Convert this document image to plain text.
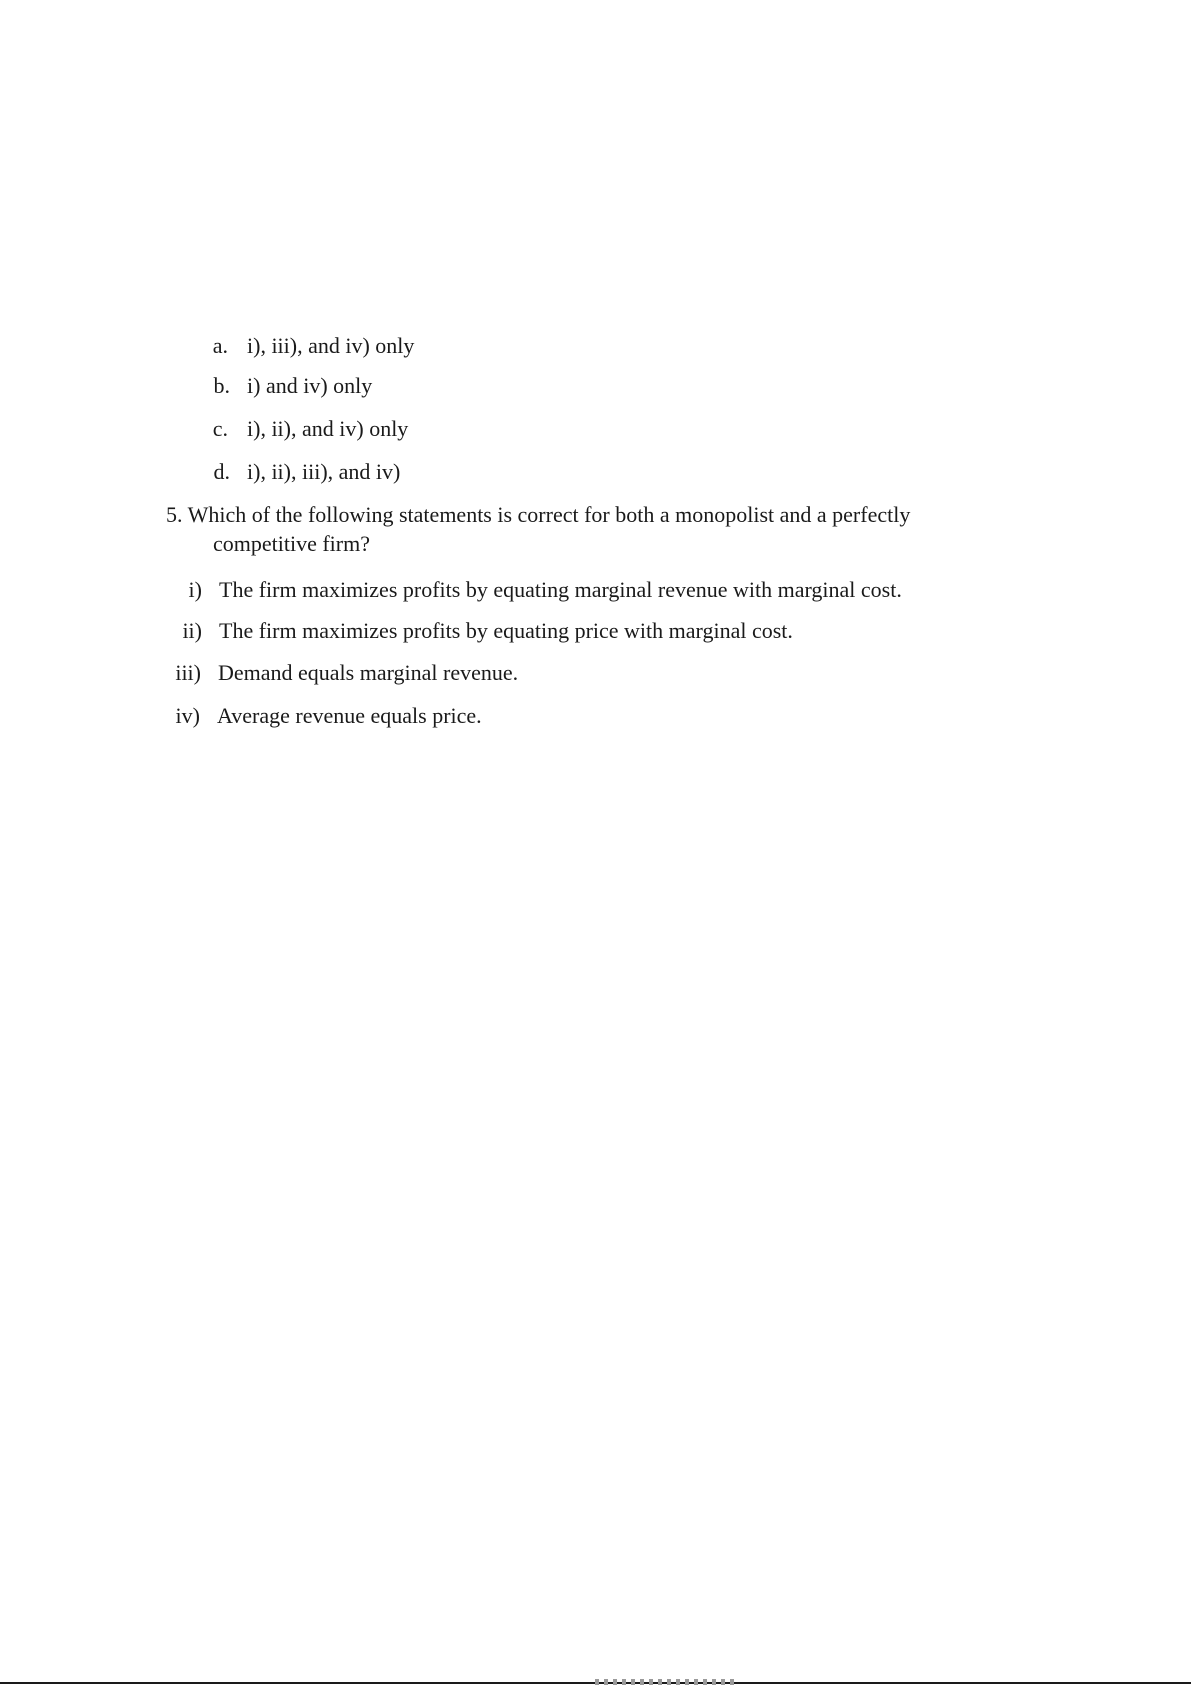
a. i), iii), and iv) only
b. i) and iv) only
c. i), ii), and iv) only
d. i), ii), iii), and iv)
5. Which of the following statements is correct for both a monopolist and a perfectly
competitive firm?
i) The firm maximizes profits by equating marginal revenue with marginal cost.
ii) The firm maximizes profits by equating price with marginal cost.
iii) Demand equals marginal revenue.
iv) Average revenue equals price.
